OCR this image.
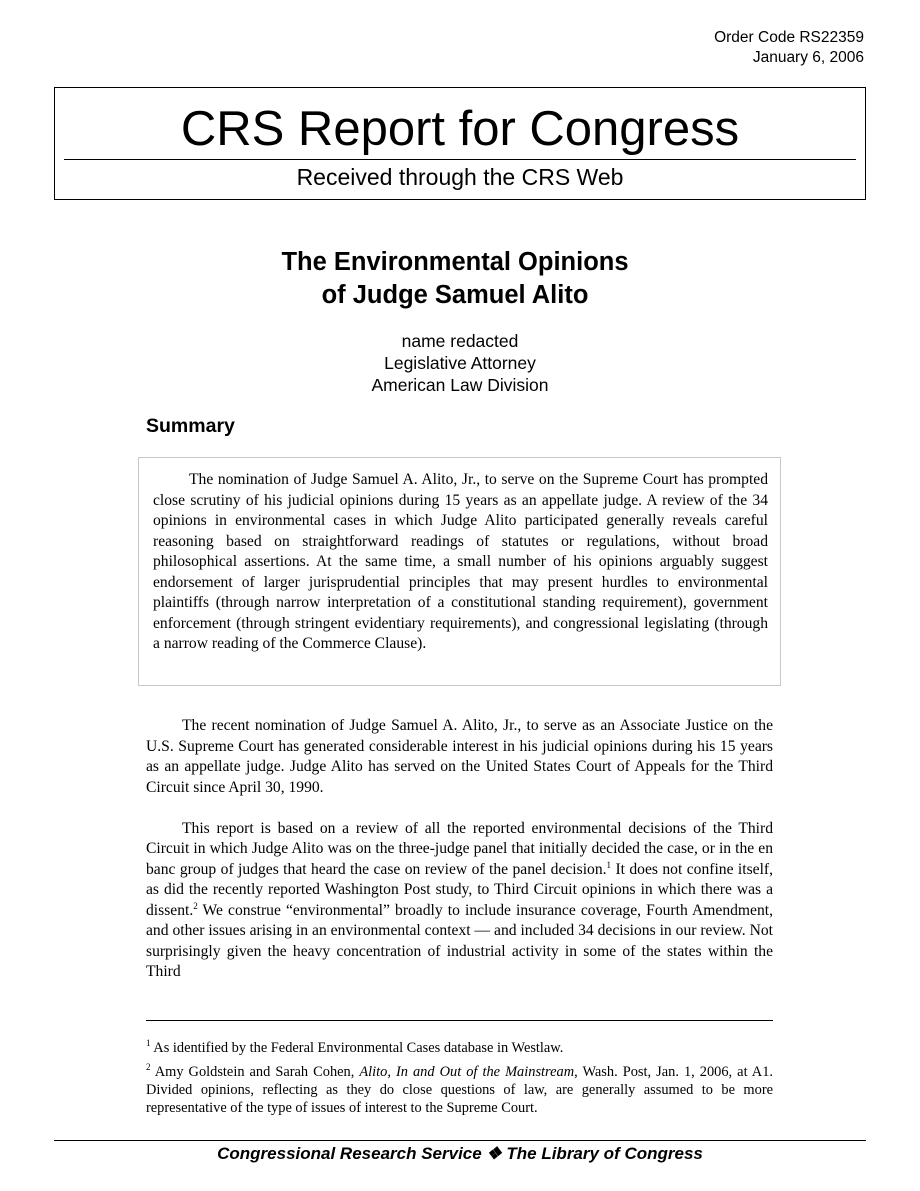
Order Code RS22359
January 6, 2006
CRS Report for Congress
Received through the CRS Web
The Environmental Opinions
of Judge Samuel Alito
name redacted
Legislative Attorney
American Law Division
Summary

The nomination of Judge Samuel A. Alito, Jr., to serve on the Supreme Court has prompted close scrutiny of his judicial opinions during 15 years as an appellate judge. A review of the 34 opinions in environmental cases in which Judge Alito participated generally reveals careful reasoning based on straightforward readings of statutes or regulations, without broad philosophical assertions. At the same time, a small number of his opinions arguably suggest endorsement of larger jurisprudential principles that may present hurdles to environmental plaintiffs (through narrow interpretation of a constitutional standing requirement), government enforcement (through stringent evidentiary requirements), and congressional legislating (through a narrow reading of the Commerce Clause).

The recent nomination of Judge Samuel A. Alito, Jr., to serve as an Associate Justice on the U.S. Supreme Court has generated considerable interest in his judicial opinions during his 15 years as an appellate judge. Judge Alito has served on the United States Court of Appeals for the Third Circuit since April 30, 1990.

This report is based on a review of all the reported environmental decisions of the Third Circuit in which Judge Alito was on the three-judge panel that initially decided the case, or in the en banc group of judges that heard the case on review of the panel decision.$^1$ It does not confine itself, as did the recently reported Washington Post study, to Third Circuit opinions in which there was a dissent.$^2$ We construe “environmental” broadly to include insurance coverage, Fourth Amendment, and other issues arising in an environmental context — and included 34 decisions in our review. Not surprisingly given the heavy concentration of industrial activity in some of the states within the Third

$^1$ As identified by the Federal Environmental Cases database in Westlaw.

$^2$ Amy Goldstein and Sarah Cohen, Alito, In and Out of the Mainstream, Wash. Post, Jan. 1, 2006, at A1. Divided opinions, reflecting as they do close questions of law, are generally assumed to be more representative of the type of issues of interest to the Supreme Court.

Congressional Research Service ❖ The Library of Congress
